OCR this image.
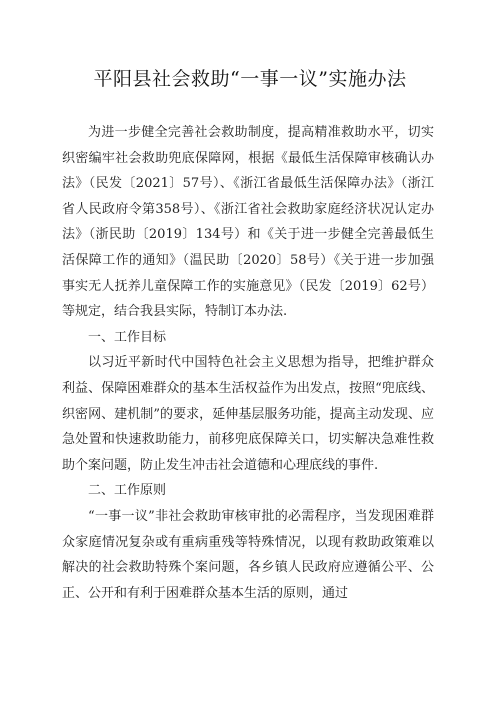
平阳县社会救助“一事一议”实施办法

为进一步健全完善社会救助制度，提高精准救助水平，切实织密编牢社会救助兜底保障网，根据《最低生活保障审核确认办法》（民发〔2021〕57号）、《浙江省最低生活保障办法》（浙江省人民政府令第358号）、《浙江省社会救助家庭经济状况认定办法》（浙民助〔2019〕134号）和《关于进一步健全完善最低生活保障工作的通知》（温民助〔2020〕58号）《关于进一步加强事实无人抚养儿童保障工作的实施意见》（民发〔2019〕62号）等规定，结合我县实际，特制订本办法.

一、工作目标

以习近平新时代中国特色社会主义思想为指导，把维护群众利益、保障困难群众的基本生活权益作为出发点，按照“兜底线、织密网、建机制”的要求，延伸基层服务功能，提高主动发现、应急处置和快速救助能力，前移兜底保障关口，切实解决急难性救助个案问题，防止发生冲击社会道德和心理底线的事件.

二、工作原则

“一事一议”非社会救助审核审批的必需程序，当发现困难群众家庭情况复杂或有重病重残等特殊情况，以现有救助政策难以解决的社会救助特殊个案问题，各乡镇人民政府应遵循公平、公正、公开和有利于困难群众基本生活的原则，通过
